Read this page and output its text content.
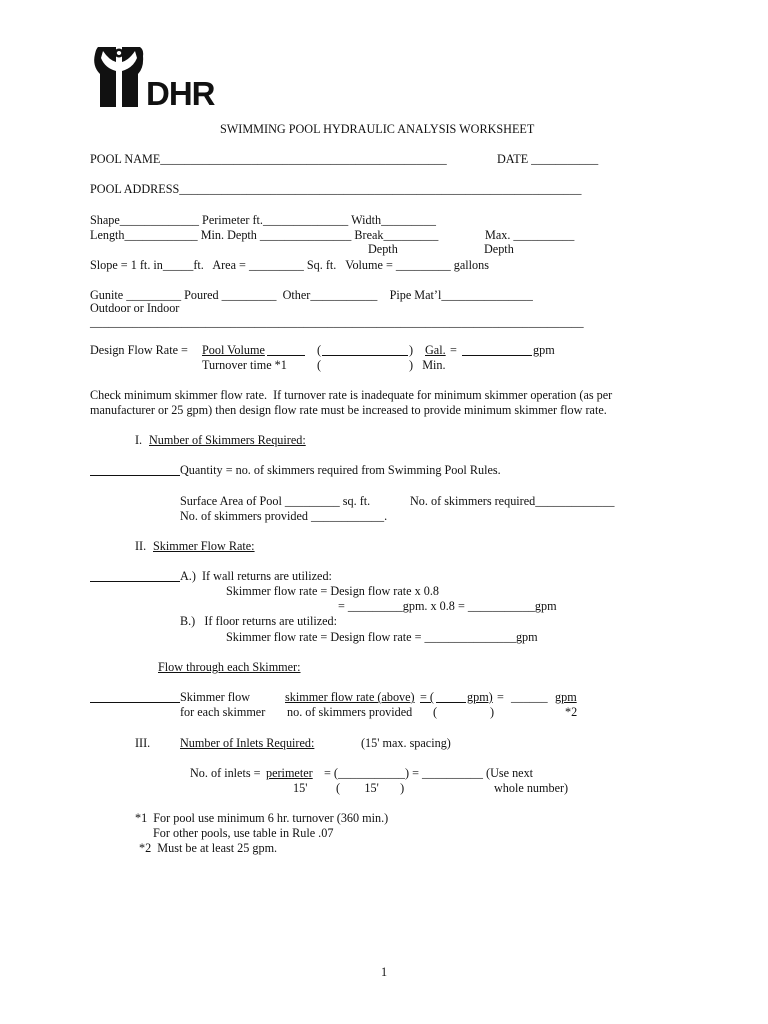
DHR
SWIMMING POOL HYDRAULIC ANALYSIS WORKSHEET
POOL NAME_______________________________________________	DATE ___________
POOL ADDRESS__________________________________________________________________
Shape_____________ Perimeter ft.______________ Width_________
Length____________ Min. Depth _______________ Break_________	Max. __________
Depth	Depth
Slope = 1 ft. in_____ft.   Area = _________ Sq. ft.   Volume = _________ gallons
Gunite _________ Poured _________  Other___________    Pipe Mat’l_______________
Outdoor or Indoor
_________________________________________________________________________________
Design Flow Rate = Pool Volume	(	) Gal. =	gpm
Turnover time *1 (	)   Min.
Check minimum skimmer flow rate.  If turnover rate is inadequate for minimum skimmer operation (as per
manufacturer or 25 gpm) then design flow rate must be increased to provide minimum skimmer flow rate.
I. Number of Skimmers Required:
Quantity = no. of skimmers required from Swimming Pool Rules.
Surface Area of Pool _________ sq. ft.	No. of skimmers required_____________
No. of skimmers provided ____________.
II. Skimmer Flow Rate:
A.)  If wall returns are utilized:
Skimmer flow rate = Design flow rate x 0.8
= _________gpm. x 0.8 = ___________gpm
B.)   If floor returns are utilized:
Skimmer flow rate = Design flow rate = _______________gpm
Flow through each Skimmer:
Skimmer flow
for each skimmer
skimmer flow rate (above) = (	gpm) = ______ gpm
no. of skimmers provided (	)	*2
III. Number of Inlets Required:	(15' max. spacing)
No. of inlets = perimeter = (___________) = __________ (Use next
15' (        15'       )	whole number)
*1  For pool use minimum 6 hr. turnover (360 min.)
For other pools, use table in Rule .07
*2  Must be at least 25 gpm.
1
